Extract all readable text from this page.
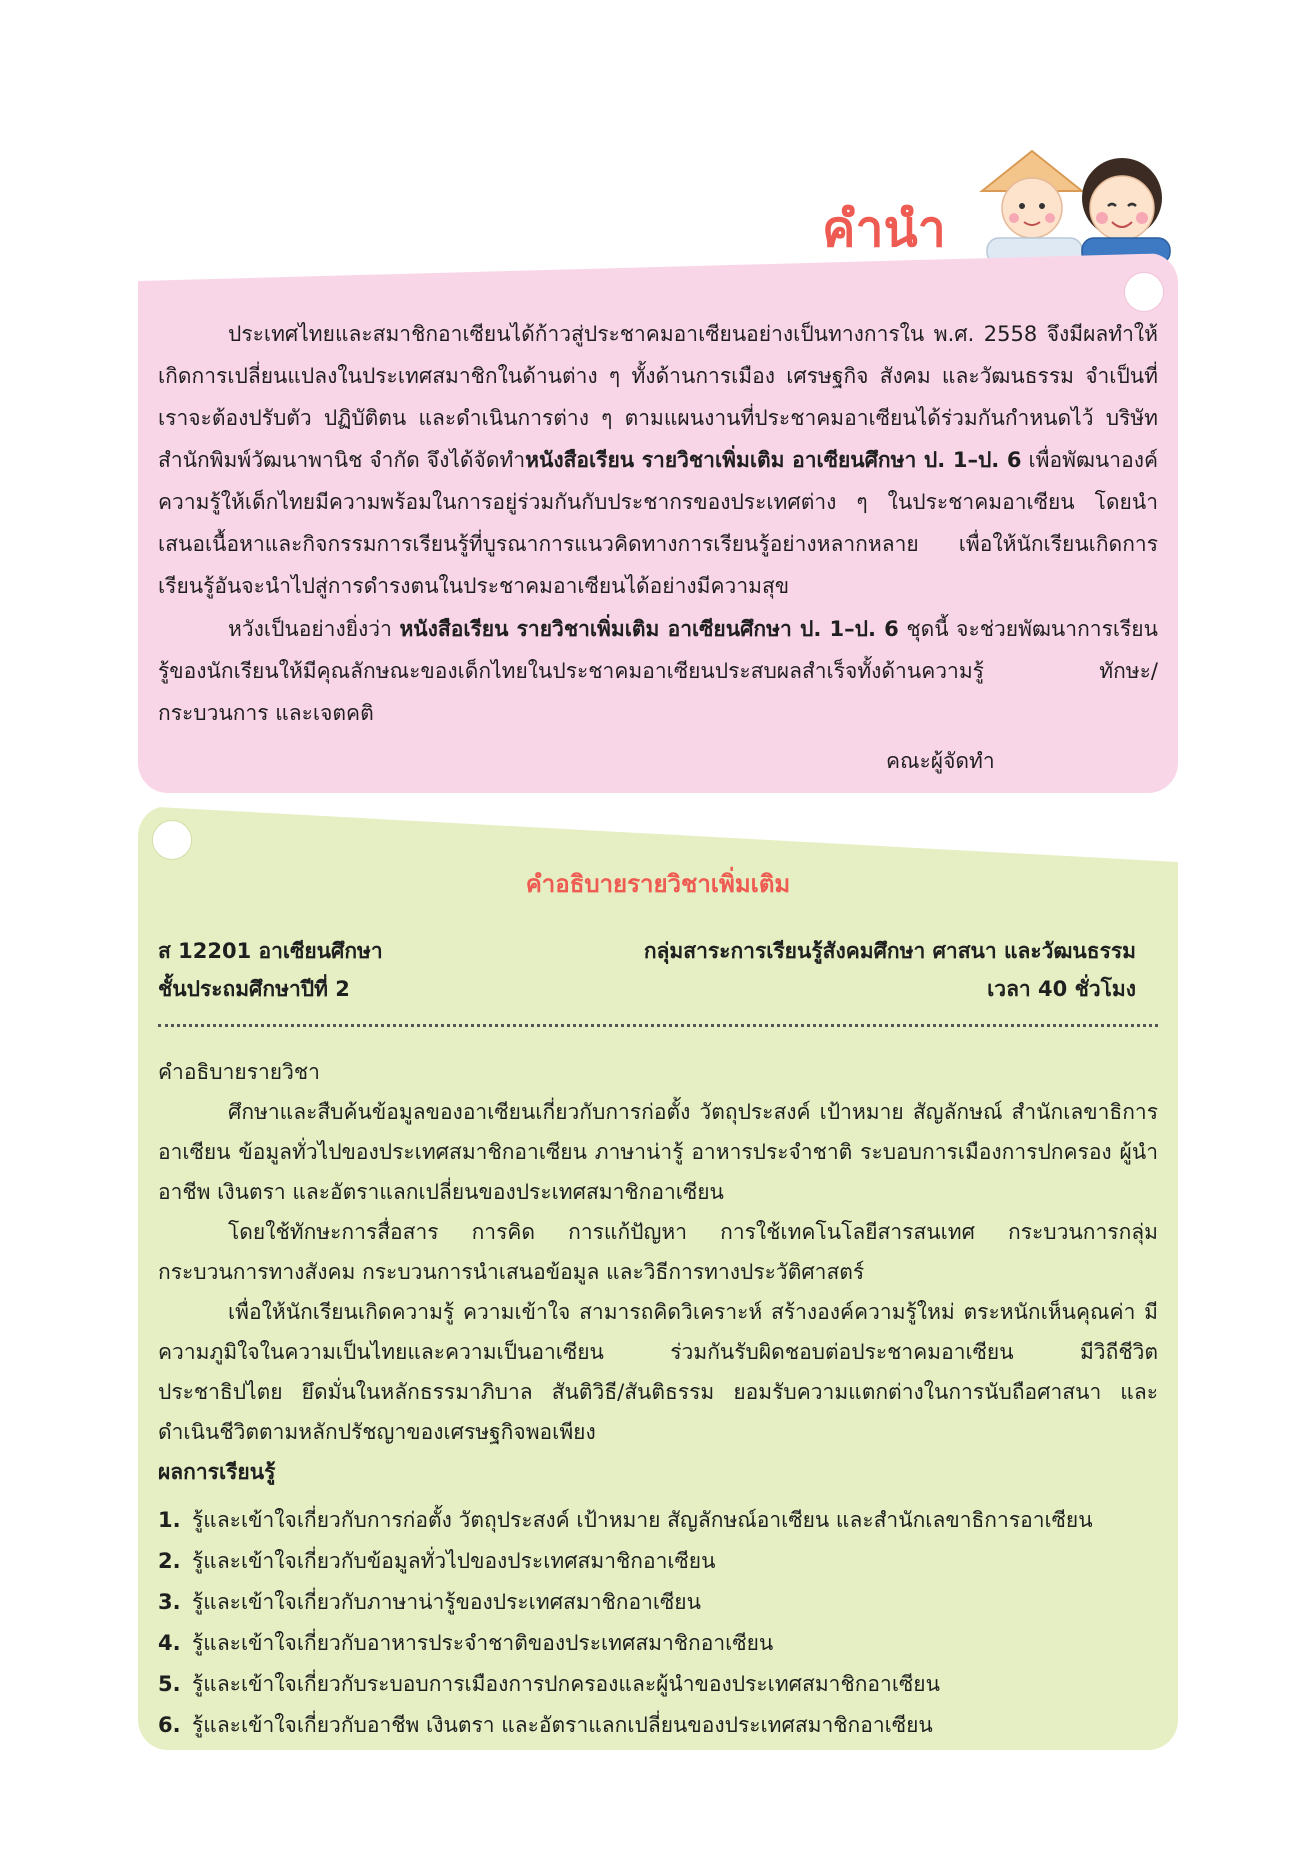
คำนำ

ประเทศไทยและสมาชิกอาเซียนได้ก้าวสู่ประชาคมอาเซียนอย่างเป็นทางการใน พ.ศ. 2558 จึงมีผลทำให้เกิดการเปลี่ยนแปลงในประเทศสมาชิกในด้านต่าง ๆ ทั้งด้านการเมือง เศรษฐกิจ สังคม และวัฒนธรรม จำเป็นที่เราจะต้องปรับตัว ปฏิบัติตน และดำเนินการต่าง ๆ ตามแผนงานที่ประชาคมอาเซียนได้ร่วมกันกำหนดไว้ บริษัท สำนักพิมพ์วัฒนาพานิช จำกัด จึงได้จัดทำหนังสือเรียน รายวิชาเพิ่มเติม อาเซียนศึกษา ป. 1–ป. 6 เพื่อพัฒนาองค์ความรู้ให้เด็กไทยมีความพร้อมในการอยู่ร่วมกันกับประชากรของประเทศต่าง ๆ ในประชาคมอาเซียน โดยนำเสนอเนื้อหาและกิจกรรมการเรียนรู้ที่บูรณาการแนวคิดทางการเรียนรู้อย่างหลากหลาย เพื่อให้นักเรียนเกิดการเรียนรู้อันจะนำไปสู่การดำรงตนในประชาคมอาเซียนได้อย่างมีความสุข

หวังเป็นอย่างยิ่งว่า หนังสือเรียน รายวิชาเพิ่มเติม อาเซียนศึกษา ป. 1–ป. 6 ชุดนี้ จะช่วยพัฒนาการเรียนรู้ของนักเรียนให้มีคุณลักษณะของเด็กไทยในประชาคมอาเซียนประสบผลสำเร็จทั้งด้านความรู้ ทักษะ/กระบวนการ และเจตคติ

คณะผู้จัดทำ
คำอธิบายรายวิชาเพิ่มเติม
ส 12201 อาเซียนศึกษา	กลุ่มสาระการเรียนรู้สังคมศึกษา ศาสนา และวัฒนธรรม
ชั้นประถมศึกษาปีที่ 2	เวลา 40 ชั่วโมง
คำอธิบายรายวิชา

ศึกษาและสืบค้นข้อมูลของอาเซียนเกี่ยวกับการก่อตั้ง วัตถุประสงค์ เป้าหมาย สัญลักษณ์ สำนักเลขาธิการอาเซียน ข้อมูลทั่วไปของประเทศสมาชิกอาเซียน ภาษาน่ารู้ อาหารประจำชาติ ระบอบการเมืองการปกครอง ผู้นำ อาชีพ เงินตรา และอัตราแลกเปลี่ยนของประเทศสมาชิกอาเซียน

โดยใช้ทักษะการสื่อสาร การคิด การแก้ปัญหา การใช้เทคโนโลยีสารสนเทศ กระบวนการกลุ่ม กระบวนการทางสังคม กระบวนการนำเสนอข้อมูล และวิธีการทางประวัติศาสตร์

เพื่อให้นักเรียนเกิดความรู้ ความเข้าใจ สามารถคิดวิเคราะห์ สร้างองค์ความรู้ใหม่ ตระหนักเห็นคุณค่า มีความภูมิใจในความเป็นไทยและความเป็นอาเซียน ร่วมกันรับผิดชอบต่อประชาคมอาเซียน มีวิถีชีวิตประชาธิปไตย ยึดมั่นในหลักธรรมาภิบาล สันติวิธี/สันติธรรม ยอมรับความแตกต่างในการนับถือศาสนา และดำเนินชีวิตตามหลักปรัชญาของเศรษฐกิจพอเพียง

ผลการเรียนรู้
1. รู้และเข้าใจเกี่ยวกับการก่อตั้ง วัตถุประสงค์ เป้าหมาย สัญลักษณ์อาเซียน และสำนักเลขาธิการอาเซียน
2. รู้และเข้าใจเกี่ยวกับข้อมูลทั่วไปของประเทศสมาชิกอาเซียน
3. รู้และเข้าใจเกี่ยวกับภาษาน่ารู้ของประเทศสมาชิกอาเซียน
4. รู้และเข้าใจเกี่ยวกับอาหารประจำชาติของประเทศสมาชิกอาเซียน
5. รู้และเข้าใจเกี่ยวกับระบอบการเมืองการปกครองและผู้นำของประเทศสมาชิกอาเซียน
6. รู้และเข้าใจเกี่ยวกับอาชีพ เงินตรา และอัตราแลกเปลี่ยนของประเทศสมาชิกอาเซียน
